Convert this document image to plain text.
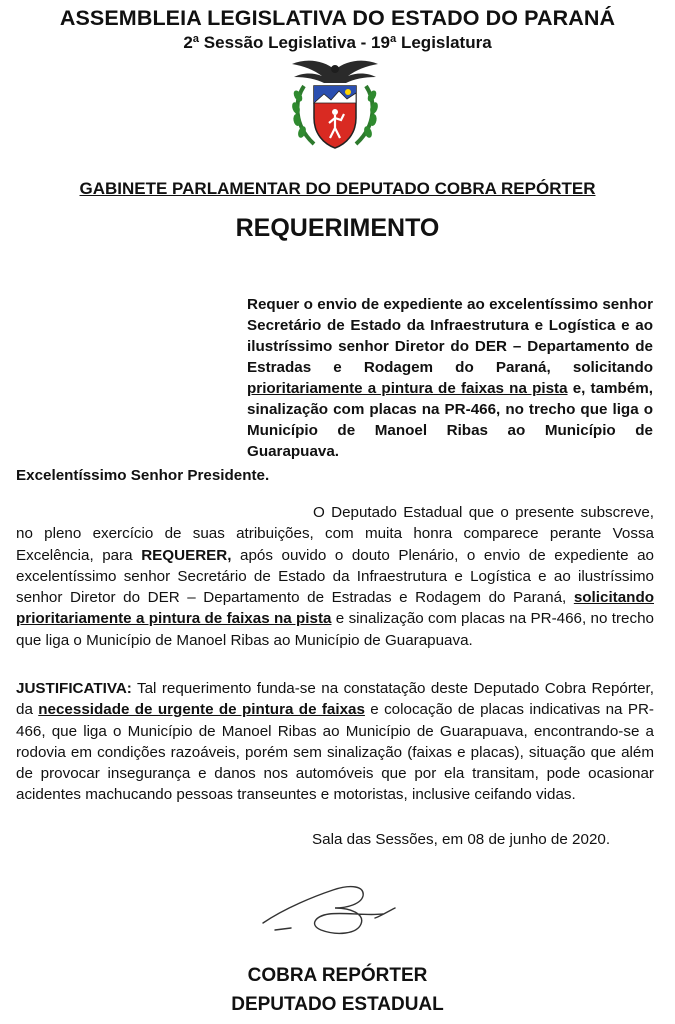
ASSEMBLEIA LEGISLATIVA DO ESTADO DO PARANÁ
2ª Sessão Legislativa - 19ª Legislatura
GABINETE PARLAMENTAR DO DEPUTADO COBRA REPÓRTER
REQUERIMENTO
Requer o envio de expediente ao excelentíssimo senhor Secretário de Estado da Infraestrutura e Logística e ao ilustríssimo senhor Diretor do DER – Departamento de Estradas e Rodagem do Paraná, solicitando prioritariamente a pintura de faixas na pista e, também, sinalização com placas na PR-466, no trecho que liga o Município de Manoel Ribas ao Município de Guarapuava.
Excelentíssimo Senhor Presidente.
O Deputado Estadual que o presente subscreve, no pleno exercício de suas atribuições, com muita honra comparece perante Vossa Excelência, para REQUERER, após ouvido o douto Plenário, o envio de expediente ao excelentíssimo senhor Secretário de Estado da Infraestrutura e Logística e ao ilustríssimo senhor Diretor do DER – Departamento de Estradas e Rodagem do Paraná, solicitando prioritariamente a pintura de faixas na pista e sinalização com placas na PR-466, no trecho que liga o Município de Manoel Ribas ao Município de Guarapuava.
JUSTIFICATIVA: Tal requerimento funda-se na constatação deste Deputado Cobra Repórter, da necessidade de urgente de pintura de faixas e colocação de placas indicativas na PR-466, que liga o Município de Manoel Ribas ao Município de Guarapuava, encontrando-se a rodovia em condições razoáveis, porém sem sinalização (faixas e placas), situação que além de provocar insegurança e danos nos automóveis que por ela transitam, pode ocasionar acidentes machucando pessoas transeuntes e motoristas, inclusive ceifando vidas.
Sala das Sessões, em 08 de junho de 2020.
COBRA REPÓRTER
DEPUTADO ESTADUAL
